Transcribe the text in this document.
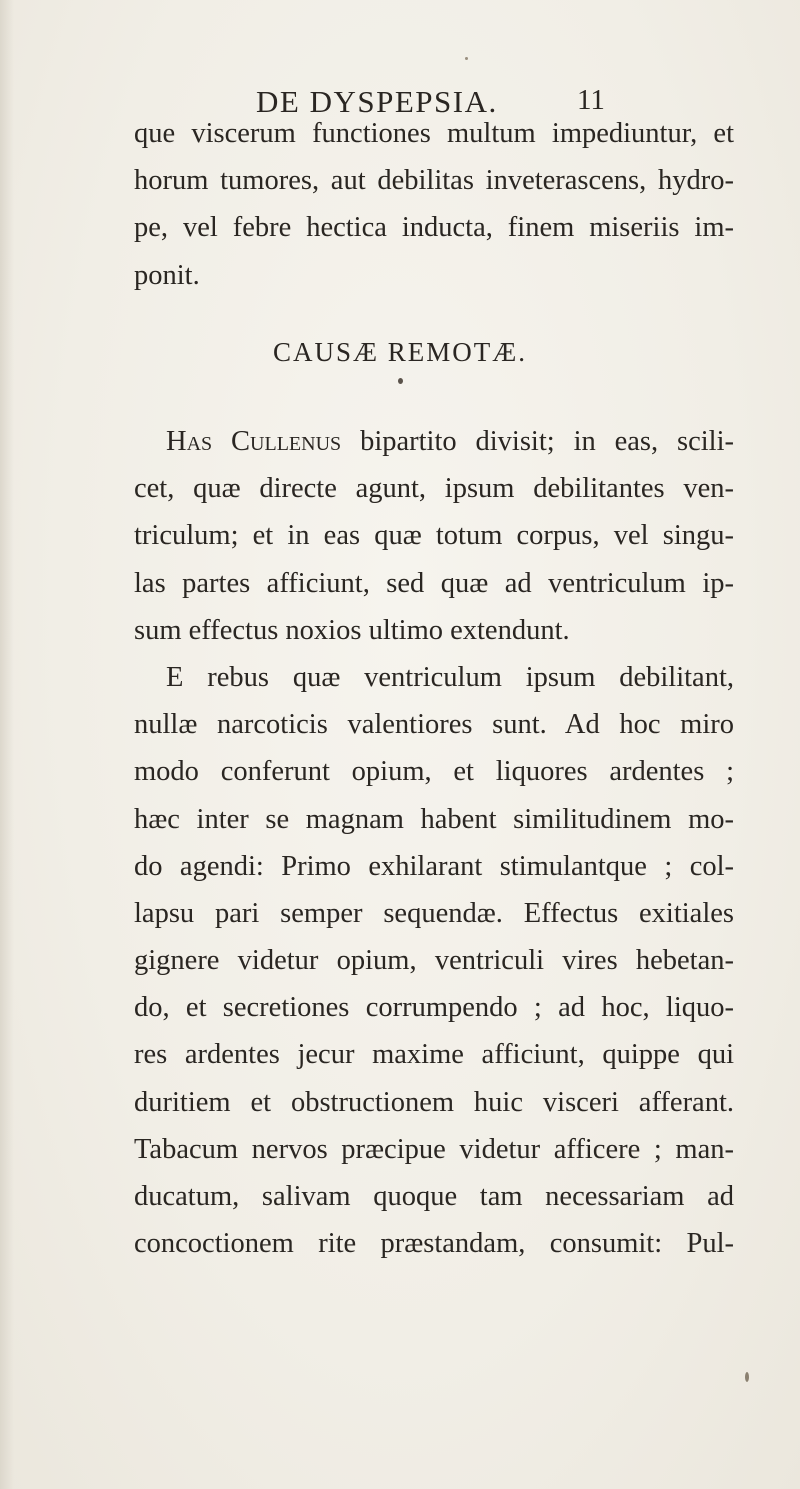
DE DYSPEPSIA.	11
que viscerum functiones multum impediuntur, et
horum tumores, aut debilitas inveterascens, hydro-
pe, vel febre hectica inducta, finem miseriis im-
ponit.
CAUSÆ REMOTÆ.
Has Cullenus bipartito divisit; in eas, scili-
cet, quæ directe agunt, ipsum debilitantes ven-
triculum; et in eas quæ totum corpus, vel singu-
las partes afficiunt, sed quæ ad ventriculum ip-
sum effectus noxios ultimo extendunt.
E rebus quæ ventriculum ipsum debilitant,
nullæ narcoticis valentiores sunt. Ad hoc miro
modo conferunt opium, et liquores ardentes ;
hæc inter se magnam habent similitudinem mo-
do agendi: Primo exhilarant stimulantque ; col-
lapsu pari semper sequendæ. Effectus exitiales
gignere videtur opium, ventriculi vires hebetan-
do, et secretiones corrumpendo ; ad hoc, liquo-
res ardentes jecur maxime afficiunt, quippe qui
duritiem et obstructionem huic visceri afferant.
Tabacum nervos præcipue videtur afficere ; man-
ducatum, salivam quoque tam necessariam ad
concoctionem rite præstandam, consumit: Pul-
